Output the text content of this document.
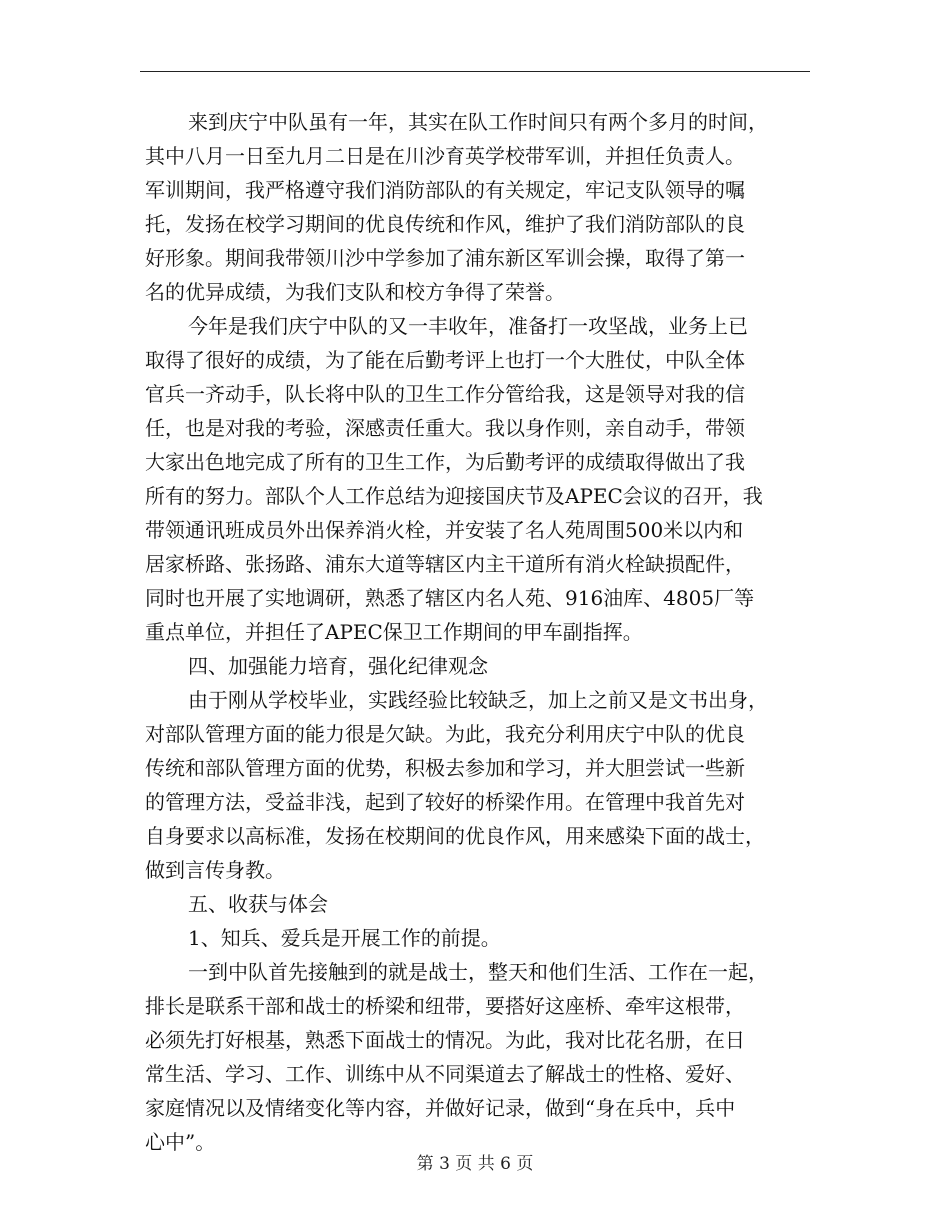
来到庆宁中队虽有一年，其实在队工作时间只有两个多月的时间，
其中八月一日至九月二日是在川沙育英学校带军训，并担任负责人。
军训期间，我严格遵守我们消防部队的有关规定，牢记支队领导的嘱
托，发扬在校学习期间的优良传统和作风，维护了我们消防部队的良
好形象。期间我带领川沙中学参加了浦东新区军训会操，取得了第一
名的优异成绩，为我们支队和校方争得了荣誉。
今年是我们庆宁中队的又一丰收年，准备打一攻坚战，业务上已
取得了很好的成绩，为了能在后勤考评上也打一个大胜仗，中队全体
官兵一齐动手，队长将中队的卫生工作分管给我，这是领导对我的信
任，也是对我的考验，深感责任重大。我以身作则，亲自动手，带领
大家出色地完成了所有的卫生工作，为后勤考评的成绩取得做出了我
所有的努力。部队个人工作总结为迎接国庆节及APEC会议的召开，我
带领通讯班成员外出保养消火栓，并安装了名人苑周围500米以内和
居家桥路、张扬路、浦东大道等辖区内主干道所有消火栓缺损配件，
同时也开展了实地调研，熟悉了辖区内名人苑、916油库、4805厂等
重点单位，并担任了APEC保卫工作期间的甲车副指挥。
四、加强能力培育，强化纪律观念
由于刚从学校毕业，实践经验比较缺乏，加上之前又是文书出身，
对部队管理方面的能力很是欠缺。为此，我充分利用庆宁中队的优良
传统和部队管理方面的优势，积极去参加和学习，并大胆尝试一些新
的管理方法，受益非浅，起到了较好的桥梁作用。在管理中我首先对
自身要求以高标准，发扬在校期间的优良作风，用来感染下面的战士，
做到言传身教。
五、收获与体会
1、知兵、爱兵是开展工作的前提。
一到中队首先接触到的就是战士，整天和他们生活、工作在一起，
排长是联系干部和战士的桥梁和纽带，要搭好这座桥、牵牢这根带，
必须先打好根基，熟悉下面战士的情况。为此，我对比花名册，在日
常生活、学习、工作、训练中从不同渠道去了解战士的性格、爱好、
家庭情况以及情绪变化等内容，并做好记录，做到“身在兵中，兵中
心中”。
第 3 页 共 6 页
